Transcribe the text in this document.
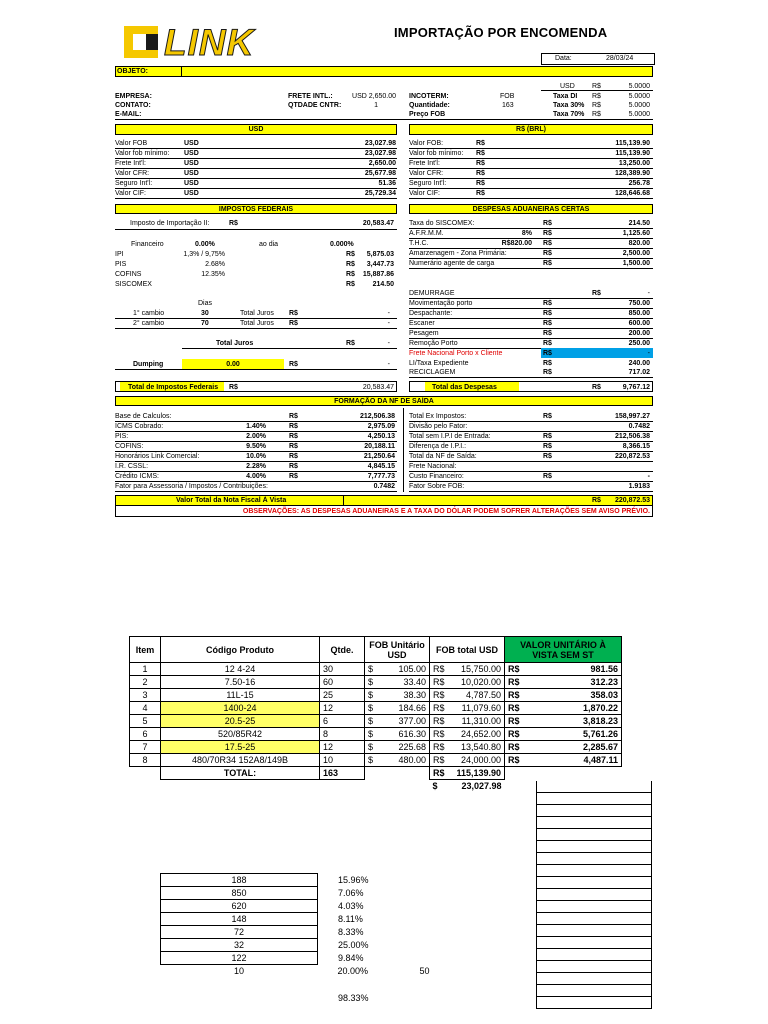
LINK	IMPORTAÇÃO POR ENCOMENDA
Data:	28/03/24
OBJETO:
USD R$	5.0000
EMPRESA:	FRETE INTL.:	USD 2,650.00 INCOTERM:	FOB	Taxa DI R$	5.0000
CONTATO:	QTDADE CNTR:	1	Quantidade:	163	Taxa 30% R$	5.0000
E-MAIL:	Preço FOB	Taxa 70% R$	5.0000
USD	R$ (BRL)
Valor FOB	USD	23,027.98
Valor fob mínimo: USD	23,027.98
Frete Int'l:	USD	2,650.00
Valor CFR:	USD	25,677.98
Seguro Int'l:	USD	51.36
Valor CIF:	USD	25,729.34
Valor FOB:	R$	115,139.90
Valor fob mínimo: R$	115,139.90
Frete Int'l:	R$	13,250.00
Valor CFR:	R$	128,389.90
Seguro Int'l:	R$	256.78
Valor CIF:	R$	128,646.68
IMPOSTOS FEDERAIS	DESPESAS ADUANEIRAS CERTAS
Imposto de Importação II:	R$	20,583.47
Financeiro	0.00%	ao dia	0.000%
IPI	1,3% / 9,75%	R$	5,875.03
PIS	2.68%	R$	3,447.73
COFINS	12.35%	R$	15,887.86
SISCOMEX	R$	214.50
Dias
1° cambio	30	Total Juros R$	-
2° cambio	70	Total Juros R$	-
Total Juros	R$	-
Dumping	0.00	R$	-
Total de Impostos Federais R$	20,583.47
Taxa do SISCOMEX:	R$	214.50
A.F.R.M.M.	8% R$	1,125.60
T.H.C.	R$820.00 R$	820.00
Amarzenagem - Zona Primária:	R$	2,500.00
Numerário agente de carga	R$	1,500.00
DEMURRAGE	R$	-
Movimentação porto	R$	750.00
Despachante:	R$	850.00
Escaner	R$	600.00
Pesagem	R$	200.00
Remoção Porto	R$	250.00
Frete Nacional Porto x Cliente	R$	-
LI/Taxa Expediente	R$	240.00
RECICLAGEM	R$	717.02
Total das Despesas	R$	9,767.12
FORMAÇÃO DA NF DE SAÍDA
Base de Calculos:	R$	212,506.38
ICMS Cobrado:	1.40%	R$	2,975.09
PIS:	2.00%	R$	4,250.13
COFINS:	9.50%	R$	20,188.11
Honorários Link Comercial:	10.0%	R$	21,250.64
I.R. CSSL:	2.28%	R$	4,845.15
Crédito ICMS:	4.00%	R$	7,777.73
Fator para Assessoria / Impostos / Contribuições:	0.7482
Total Ex Impostos:	R$	158,997.27
Divisão pelo Fator:	0.7482
Total sem I.P.I de Entrada:	R$	212,506.38
Diferença de I.P.I.:	R$	8,366.15
Total da NF de Saída:	R$	220,872.53
Frete Nacional:
Custo Financeiro:	R$	-
Fator Sobre FOB:	1.9183
Valor Total da Nota Fiscal À Vista	R$	220,872.53
OBSERVAÇÕES: AS DESPESAS ADUANEIRAS E A TAXA DO DÓLAR PODEM SOFRER ALTERAÇÕES SEM AVISO PRÉVIO.
Item	Código Produto	Qtde.	FOB Unitário USD		FOB total USD		VALOR UNITÁRIO À VISTA SEM ST	
1	12 4-24	30	$	105.00	R$	15,750.00	R$	981.56
2	7.50-16	60	$	33.40	R$	10,020.00	R$	312.23
3	11L-15	25	$	38.30	R$	4,787.50	R$	358.03
4	1400-24	12	$	184.66	R$	11,079.60	R$	1,870.22
5	20.5-25	6	$	377.00	R$	11,310.00	R$	3,818.23
6	520/85R42	8	$	616.30	R$	24,652.00	R$	5,761.26
7	17.5-25	12	$	225.68	R$	13,540.80	R$	2,285.67
8	480/70R34 152A8/149B	10	$	480.00	R$	24,000.00	R$	4,487.11
	TOTAL:	163			R$	115,139.90		
					$	23,027.98		
188	15.96%	
850	7.06%	
620	4.03%	
148	8.11%	
72	8.33%	
32	25.00%	
122	9.84%	
10	20.00%	50
98.33%
